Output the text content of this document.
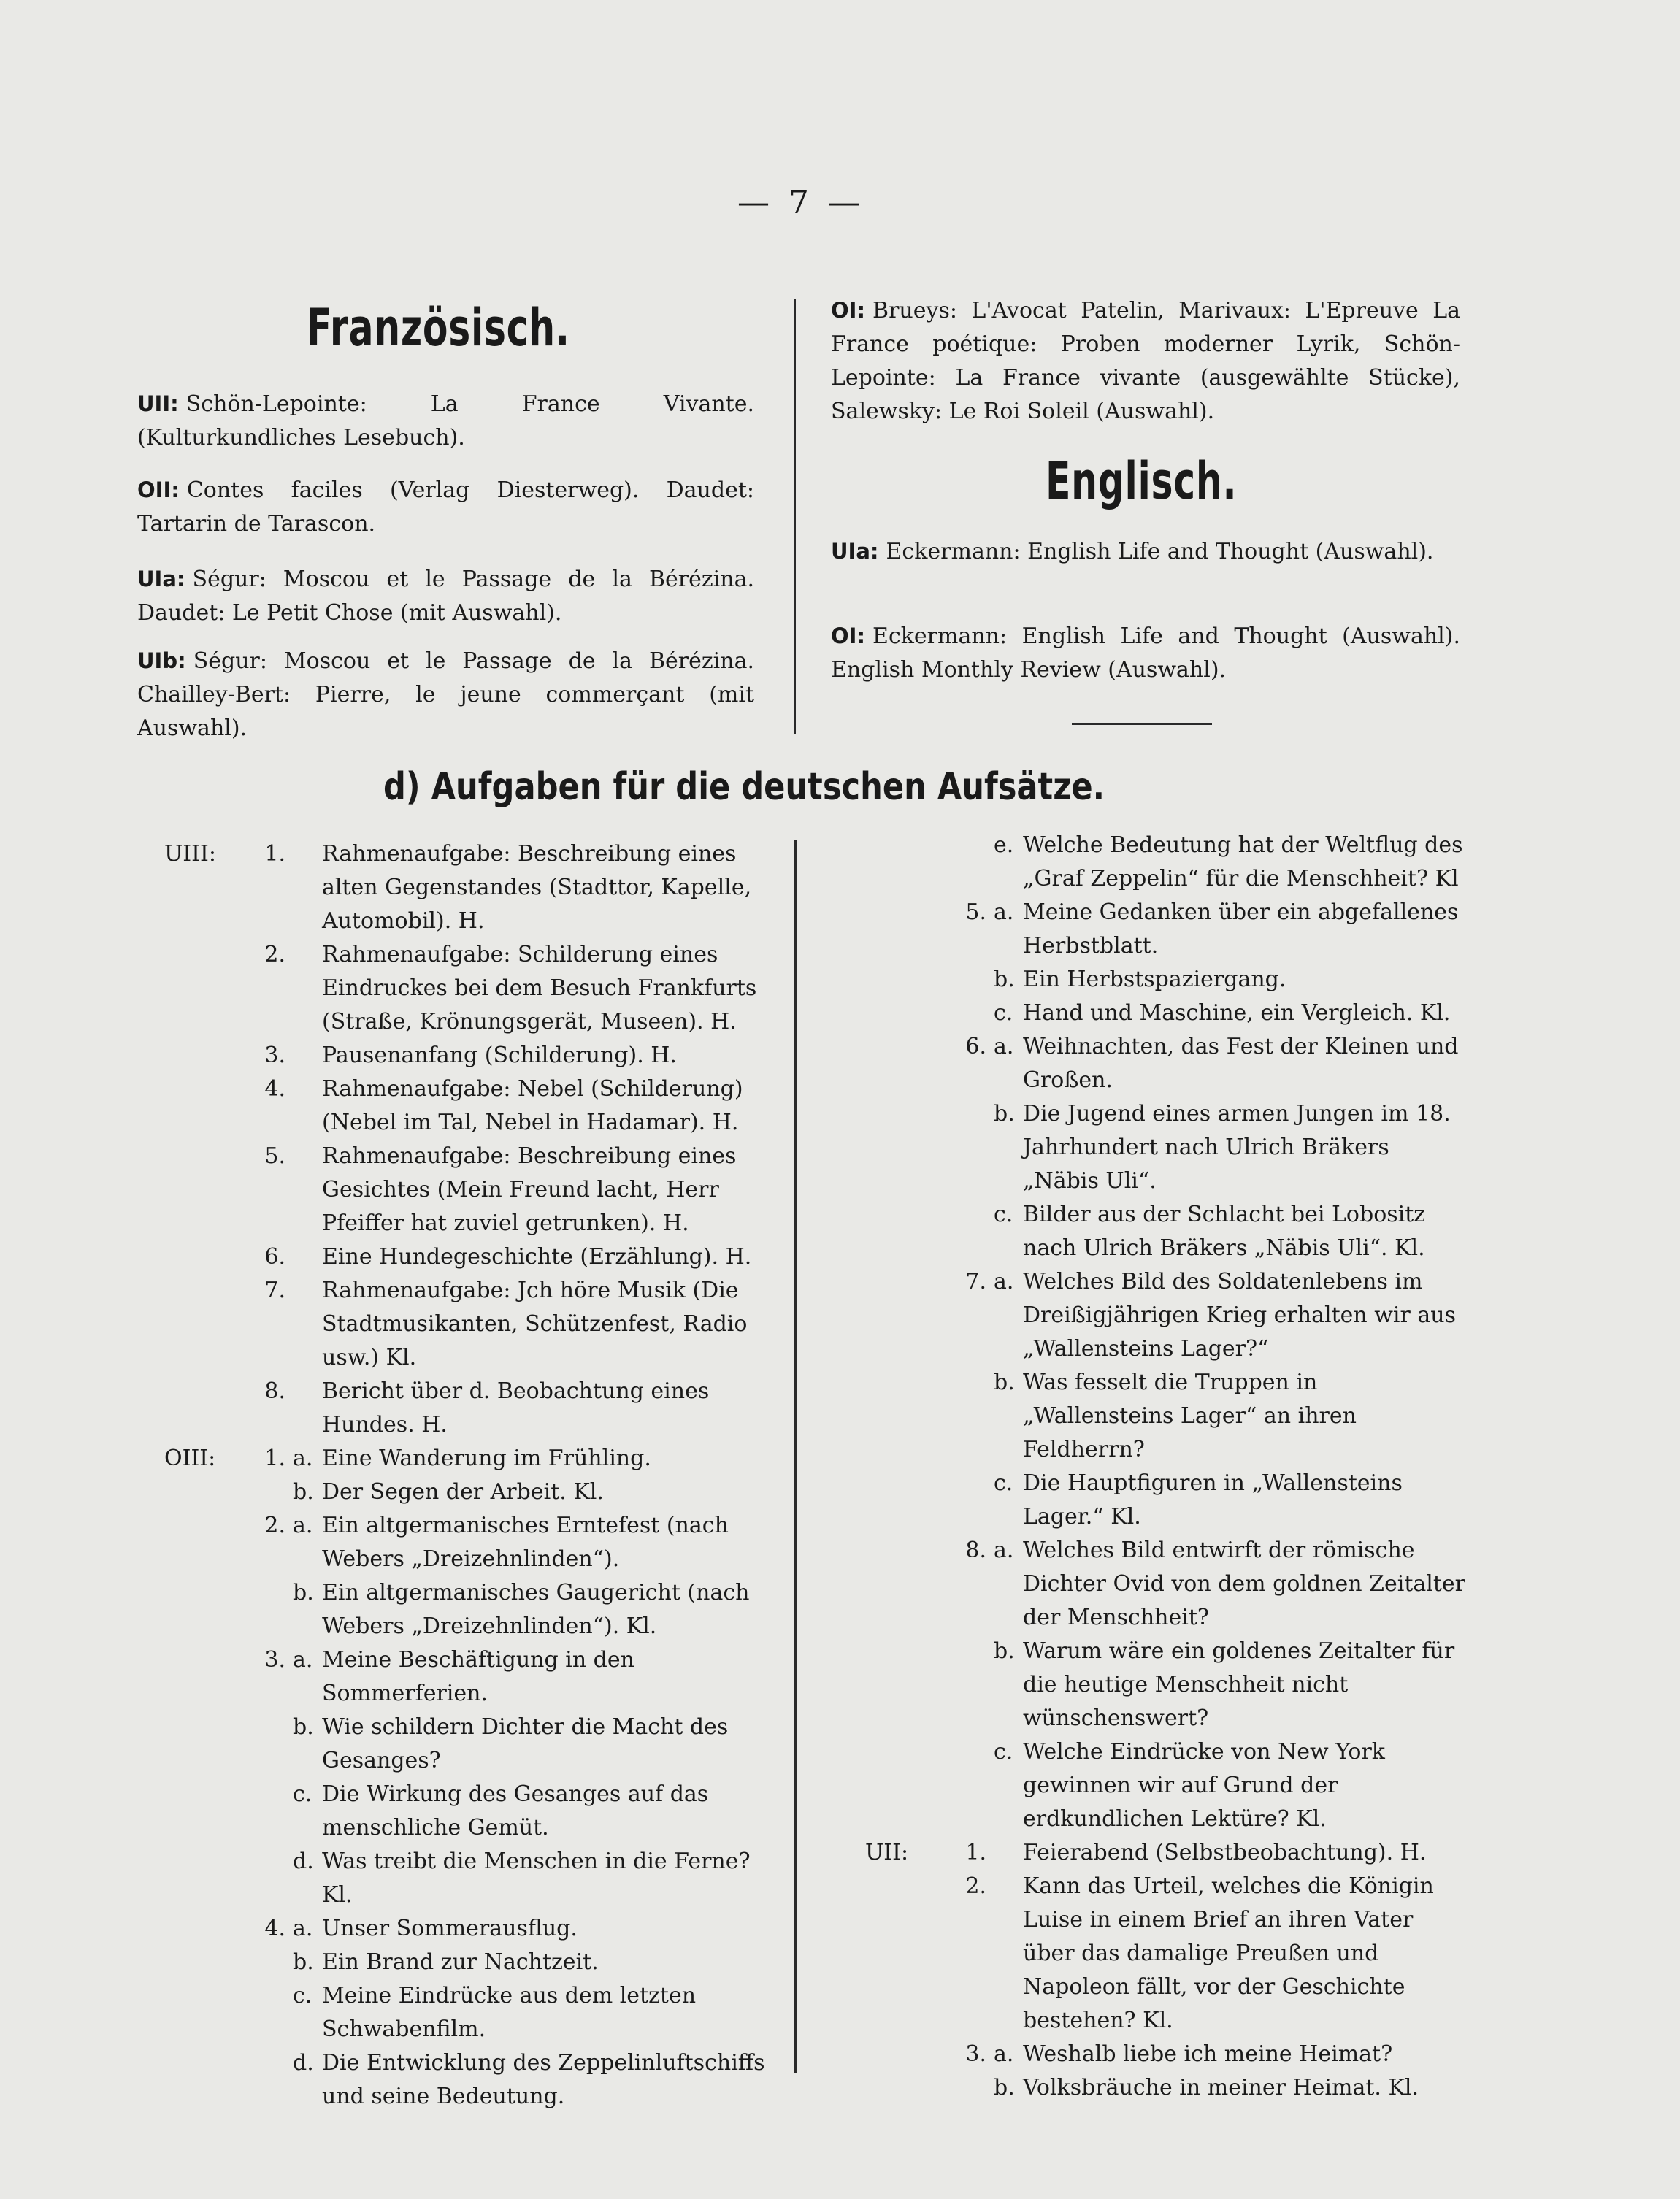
— 7 —
Französisch.
UII: Schön-Lepointe: La France Vivante. (Kulturkundliches Lesebuch).
OII: Contes faciles (Verlag Diesterweg). Daudet: Tartarin de Tarascon.
UIa: Ségur: Moscou et le Passage de la Bérézina. Daudet: Le Petit Chose (mit Auswahl).
UIb: Ségur: Moscou et le Passage de la Bérézina. Chailley-Bert: Pierre, le jeune commerçant (mit Auswahl).
OI: Brueys: L'Avocat Patelin, Marivaux: L'Epreuve La France poétique: Proben moderner Lyrik, Schön-Lepointe: La France vivante (ausgewählte Stücke), Salewsky: Le Roi Soleil (Auswahl).
Englisch.
UIa: Eckermann: English Life and Thought (Auswahl).
OI: Eckermann: English Life and Thought (Auswahl). English Monthly Review (Auswahl).
d) Aufgaben für die deutschen Aufsätze.
UIII:	1.	Rahmenaufgabe: Beschreibung eines alten Gegenstandes (Stadttor, Kapelle, Automobil). H.
2.	Rahmenaufgabe: Schilderung eines Eindruckes bei dem Besuch Frankfurts (Straße, Krönungsgerät, Museen). H.
3.	Pausenanfang (Schilderung). H.
4.	Rahmenaufgabe: Nebel (Schilderung) (Nebel im Tal, Nebel in Hadamar). H.
5.	Rahmenaufgabe: Beschreibung eines Gesichtes (Mein Freund lacht, Herr Pfeiffer hat zuviel getrunken). H.
6.	Eine Hundegeschichte (Erzählung). H.
7.	Rahmenaufgabe: Jch höre Musik (Die Stadtmusikanten, Schützenfest, Radio usw.) Kl.
8.	Bericht über d. Beobachtung eines Hundes. H.
OIII:	1. a. Eine Wanderung im Frühling.
b. Der Segen der Arbeit. Kl.
2. a. Ein altgermanisches Erntefest (nach Webers „Dreizehnlinden“).
b. Ein altgermanisches Gaugericht (nach Webers „Dreizehnlinden“). Kl.
3. a. Meine Beschäftigung in den Sommerferien.
b. Wie schildern Dichter die Macht des Gesanges?
c. Die Wirkung des Gesanges auf das menschliche Gemüt.
d. Was treibt die Menschen in die Ferne? Kl.
4. a. Unser Sommerausflug.
b. Ein Brand zur Nachtzeit.
c. Meine Eindrücke aus dem letzten Schwabenfilm.
d. Die Entwicklung des Zeppelinluftschiffs und seine Bedeutung.
e. Welche Bedeutung hat der Weltflug des „Graf Zeppelin“ für die Menschheit? Kl
5. a. Meine Gedanken über ein abgefallenes Herbstblatt.
b. Ein Herbstspaziergang.
c. Hand und Maschine, ein Vergleich. Kl.
6. a. Weihnachten, das Fest der Kleinen und Großen.
b. Die Jugend eines armen Jungen im 18. Jahrhundert nach Ulrich Bräkers „Näbis Uli“.
c. Bilder aus der Schlacht bei Lobositz nach Ulrich Bräkers „Näbis Uli“. Kl.
7. a. Welches Bild des Soldatenlebens im Dreißigjährigen Krieg erhalten wir aus „Wallensteins Lager?“
b. Was fesselt die Truppen in „Wallensteins Lager“ an ihren Feldherrn?
c. Die Hauptfiguren in „Wallensteins Lager.“ Kl.
8. a. Welches Bild entwirft der römische Dichter Ovid von dem goldnen Zeitalter der Menschheit?
b. Warum wäre ein goldenes Zeitalter für die heutige Menschheit nicht wünschenswert?
c. Welche Eindrücke von New York gewinnen wir auf Grund der erdkundlichen Lektüre? Kl.
UII:	1.	Feierabend (Selbstbeobachtung). H.
2.	Kann das Urteil, welches die Königin Luise in einem Brief an ihren Vater über das damalige Preußen und Napoleon fällt, vor der Geschichte bestehen? Kl.
3. a. Weshalb liebe ich meine Heimat?
b. Volksbräuche in meiner Heimat. Kl.
